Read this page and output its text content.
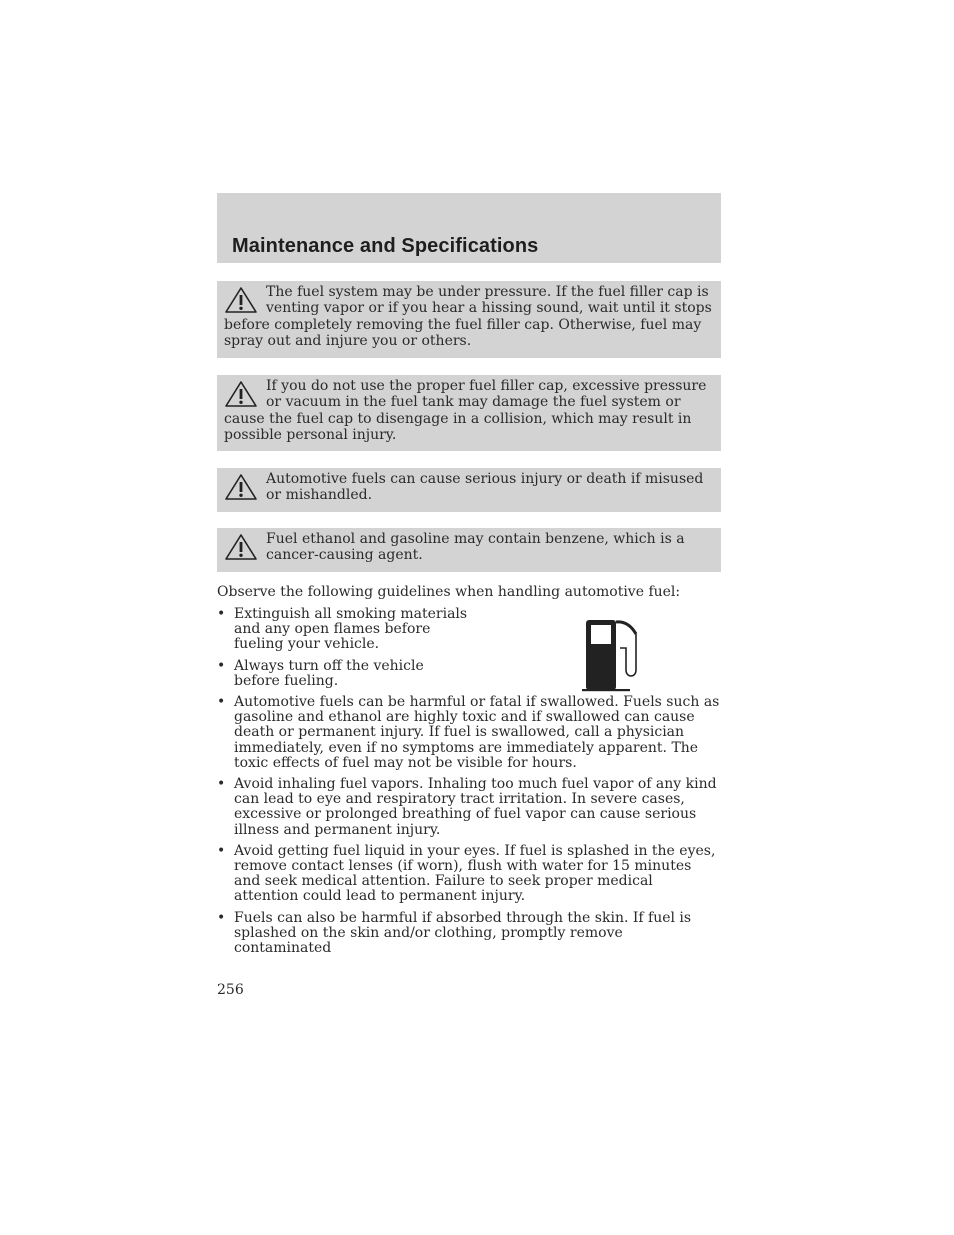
Maintenance and Specifications
The fuel system may be under pressure. If the fuel filler cap is venting vapor or if you hear a hissing sound, wait until it stops before completely removing the fuel filler cap. Otherwise, fuel may spray out and injure you or others.
If you do not use the proper fuel filler cap, excessive pressure or vacuum in the fuel tank may damage the fuel system or cause the fuel cap to disengage in a collision, which may result in possible personal injury.
Automotive fuels can cause serious injury or death if misused or mishandled.
Fuel ethanol and gasoline may contain benzene, which is a cancer-causing agent.

Observe the following guidelines when handling automotive fuel:

• Extinguish all smoking materials and any open flames before fueling your vehicle.
• Always turn off the vehicle before fueling.
• Automotive fuels can be harmful or fatal if swallowed. Fuels such as gasoline and ethanol are highly toxic and if swallowed can cause death or permanent injury. If fuel is swallowed, call a physician immediately, even if no symptoms are immediately apparent. The toxic effects of fuel may not be visible for hours.
• Avoid inhaling fuel vapors. Inhaling too much fuel vapor of any kind can lead to eye and respiratory tract irritation. In severe cases, excessive or prolonged breathing of fuel vapor can cause serious illness and permanent injury.
• Avoid getting fuel liquid in your eyes. If fuel is splashed in the eyes, remove contact lenses (if worn), flush with water for 15 minutes and seek medical attention. Failure to seek proper medical attention could lead to permanent injury.
• Fuels can also be harmful if absorbed through the skin. If fuel is splashed on the skin and/or clothing, promptly remove contaminated

256
